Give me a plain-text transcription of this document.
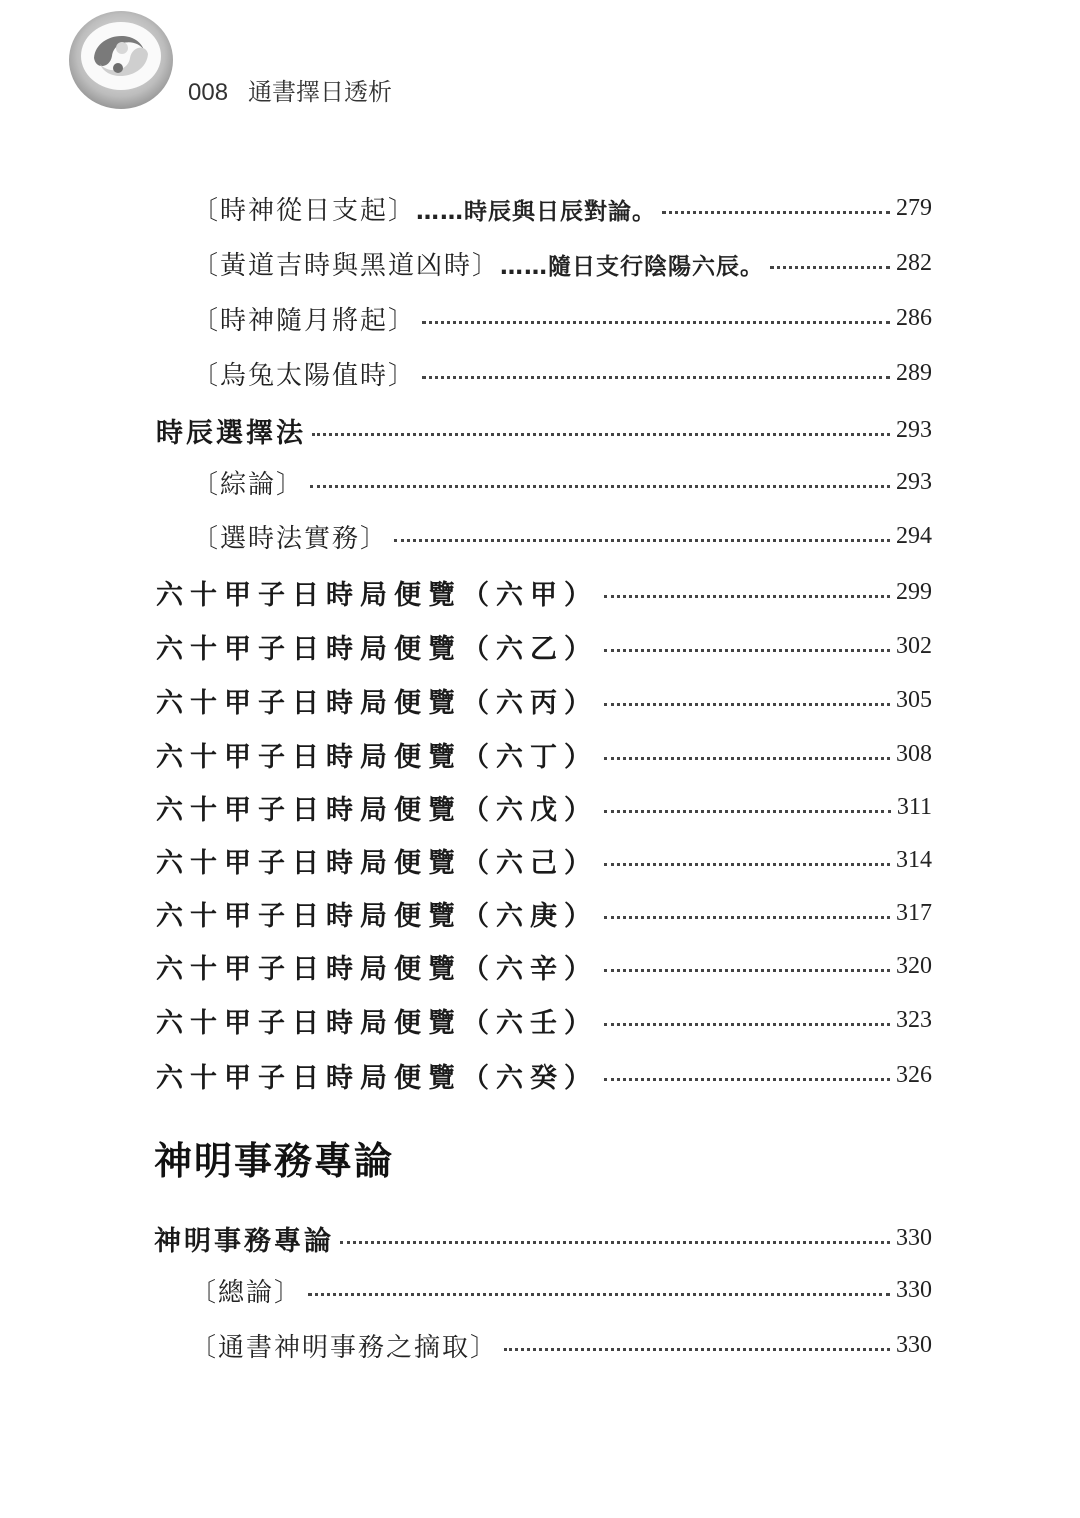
008 通書擇日透析
〔時神從日支起〕……時辰與日辰對論。	279
〔黃道吉時與黑道凶時〕……隨日支行陰陽六辰。	282
〔時神隨月將起〕	286
〔烏兔太陽值時〕	289
時辰選擇法	293
〔綜論〕	293
〔選時法實務〕	294
六十甲子日時局便覽（六甲）	299
六十甲子日時局便覽（六乙）	302
六十甲子日時局便覽（六丙）	305
六十甲子日時局便覽（六丁）	308
六十甲子日時局便覽（六戊）	311
六十甲子日時局便覽（六己）	314
六十甲子日時局便覽（六庚）	317
六十甲子日時局便覽（六辛）	320
六十甲子日時局便覽（六壬）	323
六十甲子日時局便覽（六癸）	326
神明事務專論
神明事務專論	330
〔總論〕	330
〔通書神明事務之摘取〕	330
